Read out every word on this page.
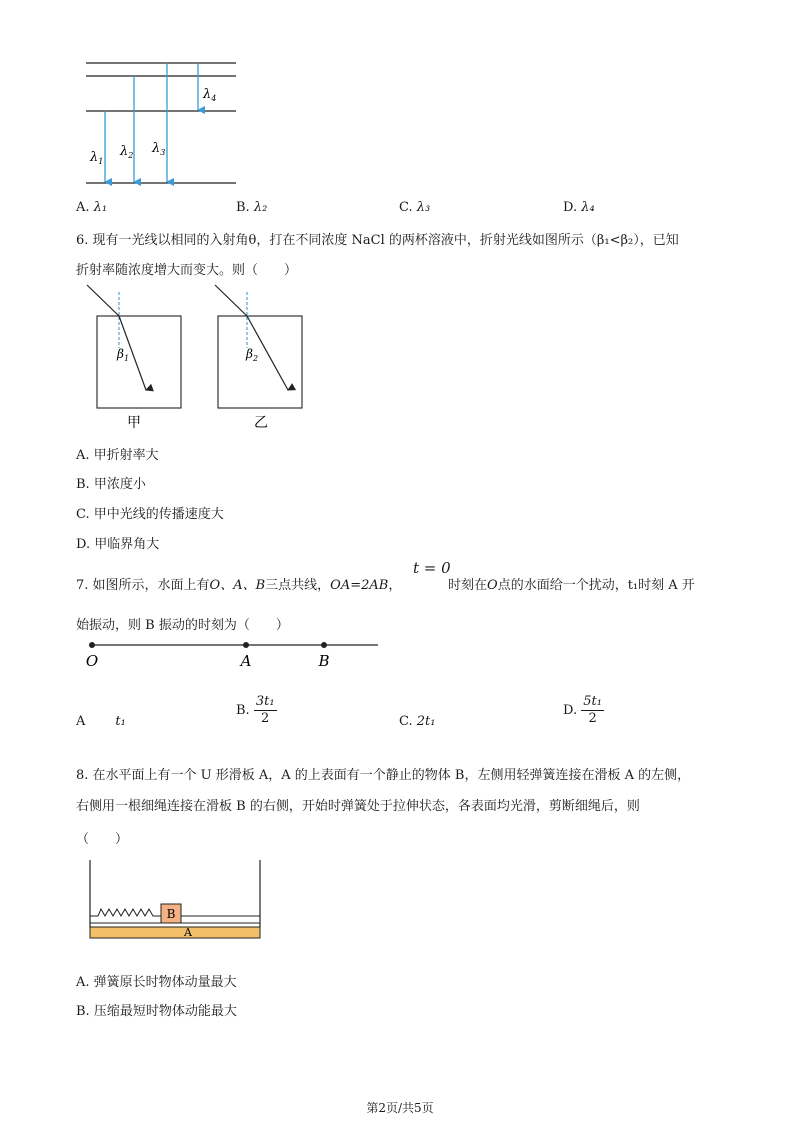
$\lambda_1$
$\lambda_2$ $\lambda_3$
$\lambda_4$
A. λ₁	B. λ₂	C. λ₃	D. λ₄
6. 现有一光线以相同的入射角θ，打在不同浓度 NaCl 的两杯溶液中，折射光线如图所示（β₁<β₂），已知
折射率随浓度增大而变大。则（　　）
$\beta_1$
甲
$\beta_2$
乙
A. 甲折射率大
B. 甲浓度小
C. 甲中光线的传播速度大
D. 甲临界角大
7. 如图所示，水面上有O、A、B三点共线，OA=2AB，
t = 0
时刻在O点的水面给一个扰动，t₁时刻 A 开
始振动，则 B 振动的时刻为（　　）
O	A	B
A t₁
B. $\frac{\text{3t₁}}{2}$	C. 2t₁
D. $\frac{\text{5t₁}}{2}$
8. 在水平面上有一个 U 形滑板 A，A 的上表面有一个静止的物体 B，左侧用轻弹簧连接在滑板 A 的左侧，
右侧用一根细绳连接在滑板 B 的右侧，开始时弹簧处于拉伸状态，各表面均光滑，剪断细绳后，则
（　　）
A
B
A. 弹簧原长时物体动量最大
B. 压缩最短时物体动能最大
第2页/共5页
